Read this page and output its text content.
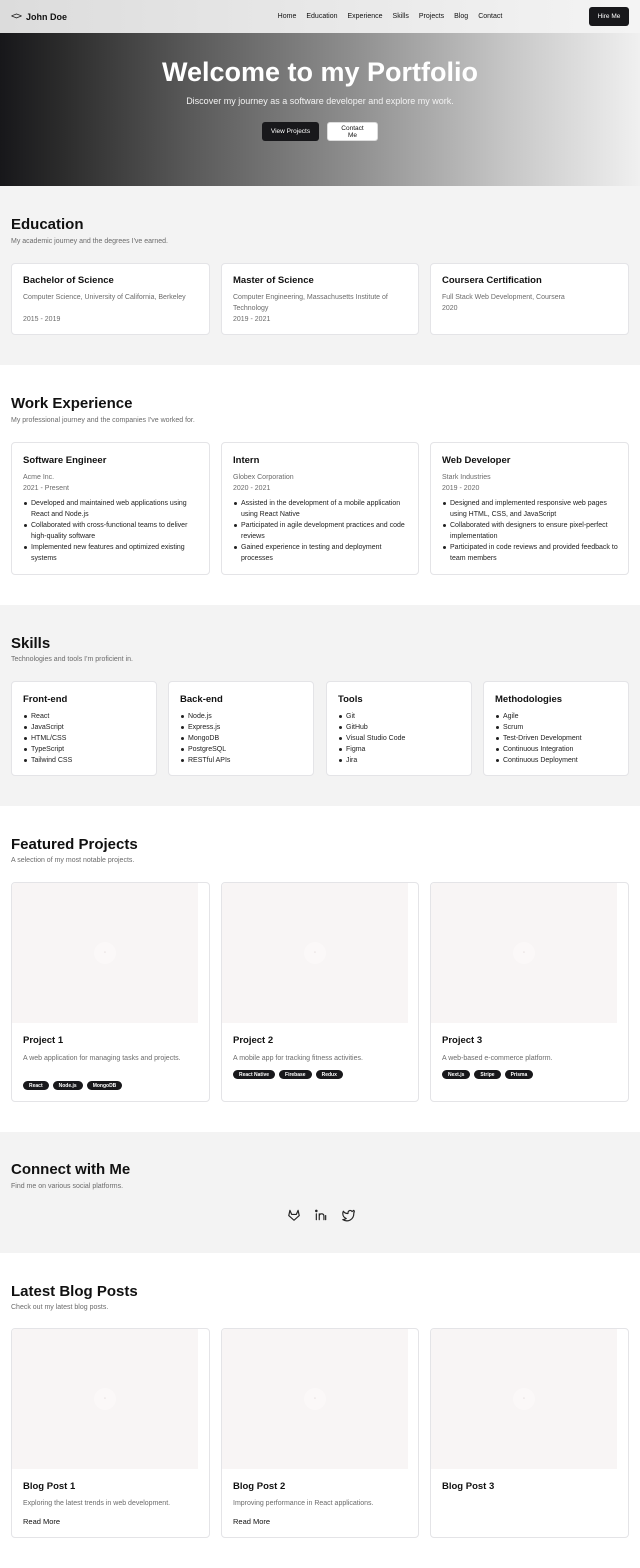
<> John Doe	Home Education Experience Skills Projects Blog Contact	Hire Me
Welcome to my Portfolio

Discover my journey as a software developer and explore my work.

View Projects	Contact Me
Education
My academic journey and the degrees I've earned.
Bachelor of Science
Computer Science, University of California, Berkeley
2015 - 2019
Master of Science
Computer Engineering, Massachusetts Institute of Technology
2019 - 2021
Coursera Certification
Full Stack Web Development, Coursera
2020
Work Experience
My professional journey and the companies I've worked for.
Software Engineer
Acme Inc.
2021 - Present
Developed and maintained web applications using React and Node.js
Collaborated with cross-functional teams to deliver high-quality software
Implemented new features and optimized existing systems
Intern
Globex Corporation
2020 - 2021
Assisted in the development of a mobile application using React Native
Participated in agile development practices and code reviews
Gained experience in testing and deployment processes
Web Developer
Stark Industries
2019 - 2020
Designed and implemented responsive web pages using HTML, CSS, and JavaScript
Collaborated with designers to ensure pixel-perfect implementation
Participated in code reviews and provided feedback to team members
Skills
Technologies and tools I'm proficient in.
Front-end
React
JavaScript
HTML/CSS
TypeScript
Tailwind CSS
Back-end
Node.js
Express.js
MongoDB
PostgreSQL
RESTful APIs
Tools
Git
GitHub
Visual Studio Code
Figma
Jira
Methodologies
Agile
Scrum
Test-Driven Development
Continuous Integration
Continuous Deployment
Featured Projects
A selection of my most notable projects.
▫
Project 1
A web application for managing tasks and projects.
React	Node.js	MongoDB
▫
Project 2
A mobile app for tracking fitness activities.
React Native	Firebase	Redux
▫
Project 3
A web-based e-commerce platform.
Next.js	Stripe	Prisma
Connect with Me
Find me on various social platforms.
Latest Blog Posts
Check out my latest blog posts.
▫
Blog Post 1
Exploring the latest trends in web development.
Read More
▫
Blog Post 2
Improving performance in React applications.
Read More
▫
Blog Post 3
